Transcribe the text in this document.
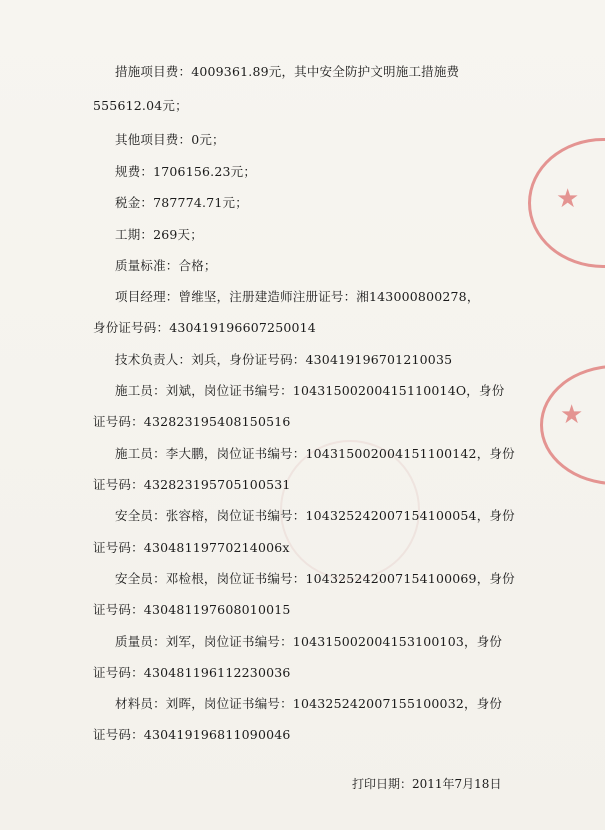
★
★
措施项目费：4009361.89元，其中安全防护文明施工措施费
555612.04元；
其他项目费：0元；
规费：1706156.23元；
税金：787774.71元；
工期：269天；
质量标准：合格；
项目经理：曾维坚，注册建造师注册证号：湘143000800278，
身份证号码：430419196607250014
技术负责人：刘兵，身份证号码：430419196701210035
施工员：刘斌，岗位证书编号：10431500200415110014O，身份
证号码：432823195408150516
施工员：李大鹏，岗位证书编号：104315002004151100142，身份
证号码：432823195705100531
安全员：张容榕，岗位证书编号：104325242007154100054，身份
证号码：43048119770214006x
安全员：邓检根，岗位证书编号：104325242007154100069，身份
证号码：430481197608010015
质量员：刘军，岗位证书编号：104315002004153100103，身份
证号码：430481196112230036
材料员：刘晖，岗位证书编号：104325242007155100032，身份
证号码：430419196811090046
打印日期：2011年7月18日
